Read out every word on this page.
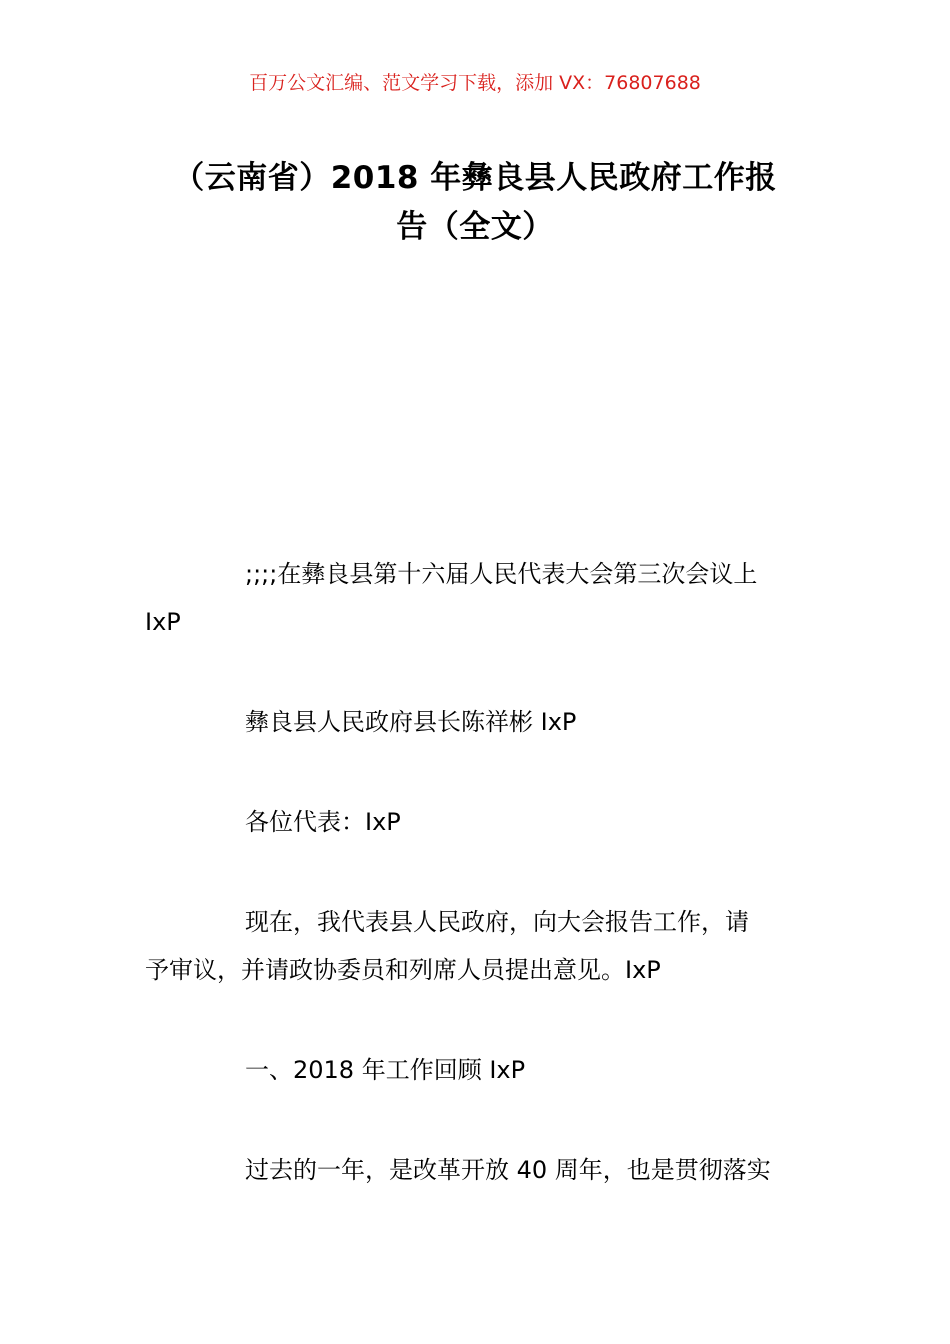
百万公文汇编、范文学习下载，添加 VX：76807688
（云南省）2018 年彝良县人民政府工作报
告（全文）
;;;;在彝良县第十六届人民代表大会第三次会议上
IxP
彝良县人民政府县长陈祥彬 IxP
各位代表：IxP
现在，我代表县人民政府，向大会报告工作，请
予审议，并请政协委员和列席人员提出意见。IxP
一、2018 年工作回顾 IxP
过去的一年，是改革开放 40 周年，也是贯彻落实
